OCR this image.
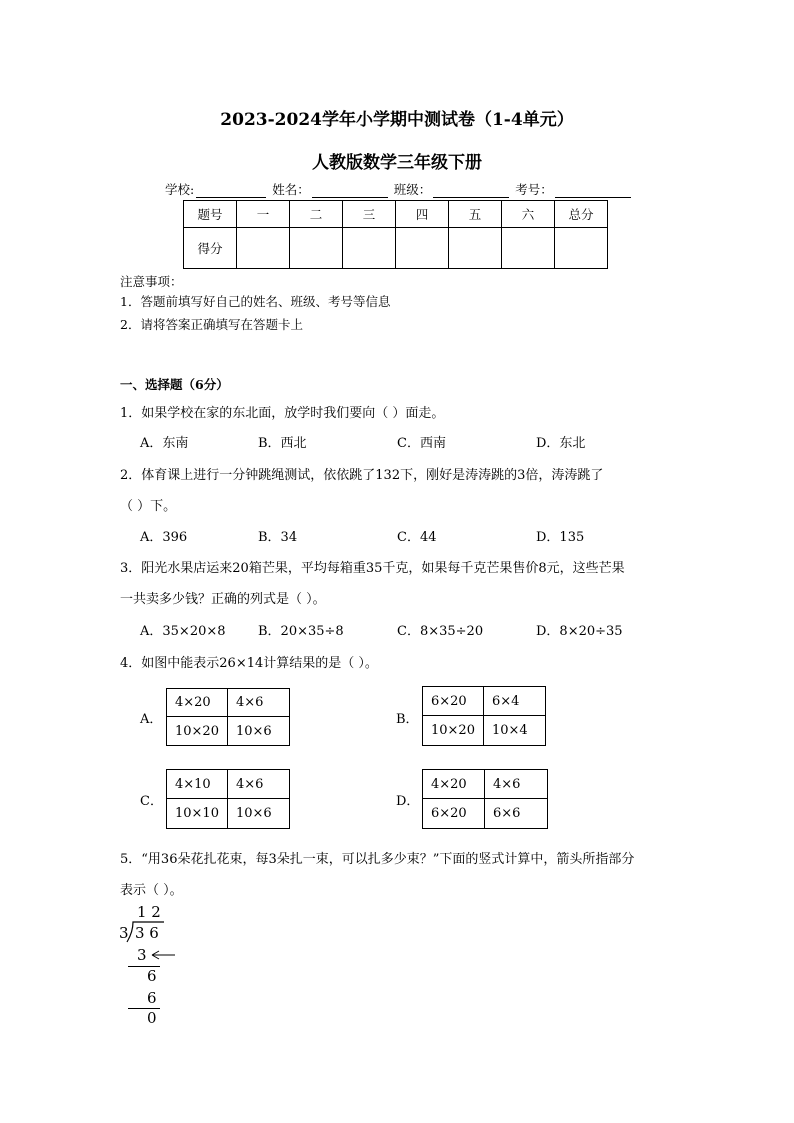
2023-2024学年小学期中测试卷（1-4单元）
人教版数学三年级下册
学校:	姓名：	班级：	考号：
题号	一	二	三	四	五	六	总分
得分							
注意事项：
1．答题前填写好自己的姓名、班级、考号等信息
2．请将答案正确填写在答题卡上
一、选择题（6分）
1．如果学校在家的东北面，放学时我们要向（ ）面走。
A．东南	B．西北	C．西南	D．东北
2．体育课上进行一分钟跳绳测试，依依跳了132下，刚好是涛涛跳的3倍，涛涛跳了
（ ）下。
A．396	B．34	C．44	D．135
3．阳光水果店运来20箱芒果，平均每箱重35千克，如果每千克芒果售价8元，这些芒果
一共卖多少钱？正确的列式是（ ）。
A．35×20×8 B．20×35÷8	C．8×35÷20	D．8×20÷35
4．如图中能表示26×14计算结果的是（ ）。
A．
4×20	4×6
10×20	10×6
B．
6×20	6×4
10×20	10×4
C．
4×10	4×6
10×10	10×6
D．
4×20	4×6
6×20	6×6
5．“用36朵花扎花束，每3朵扎一束，可以扎多少束？”下面的竖式计算中，箭头所指部分
表示（ ）。
1 2
3 3 6
3
6
6
0
